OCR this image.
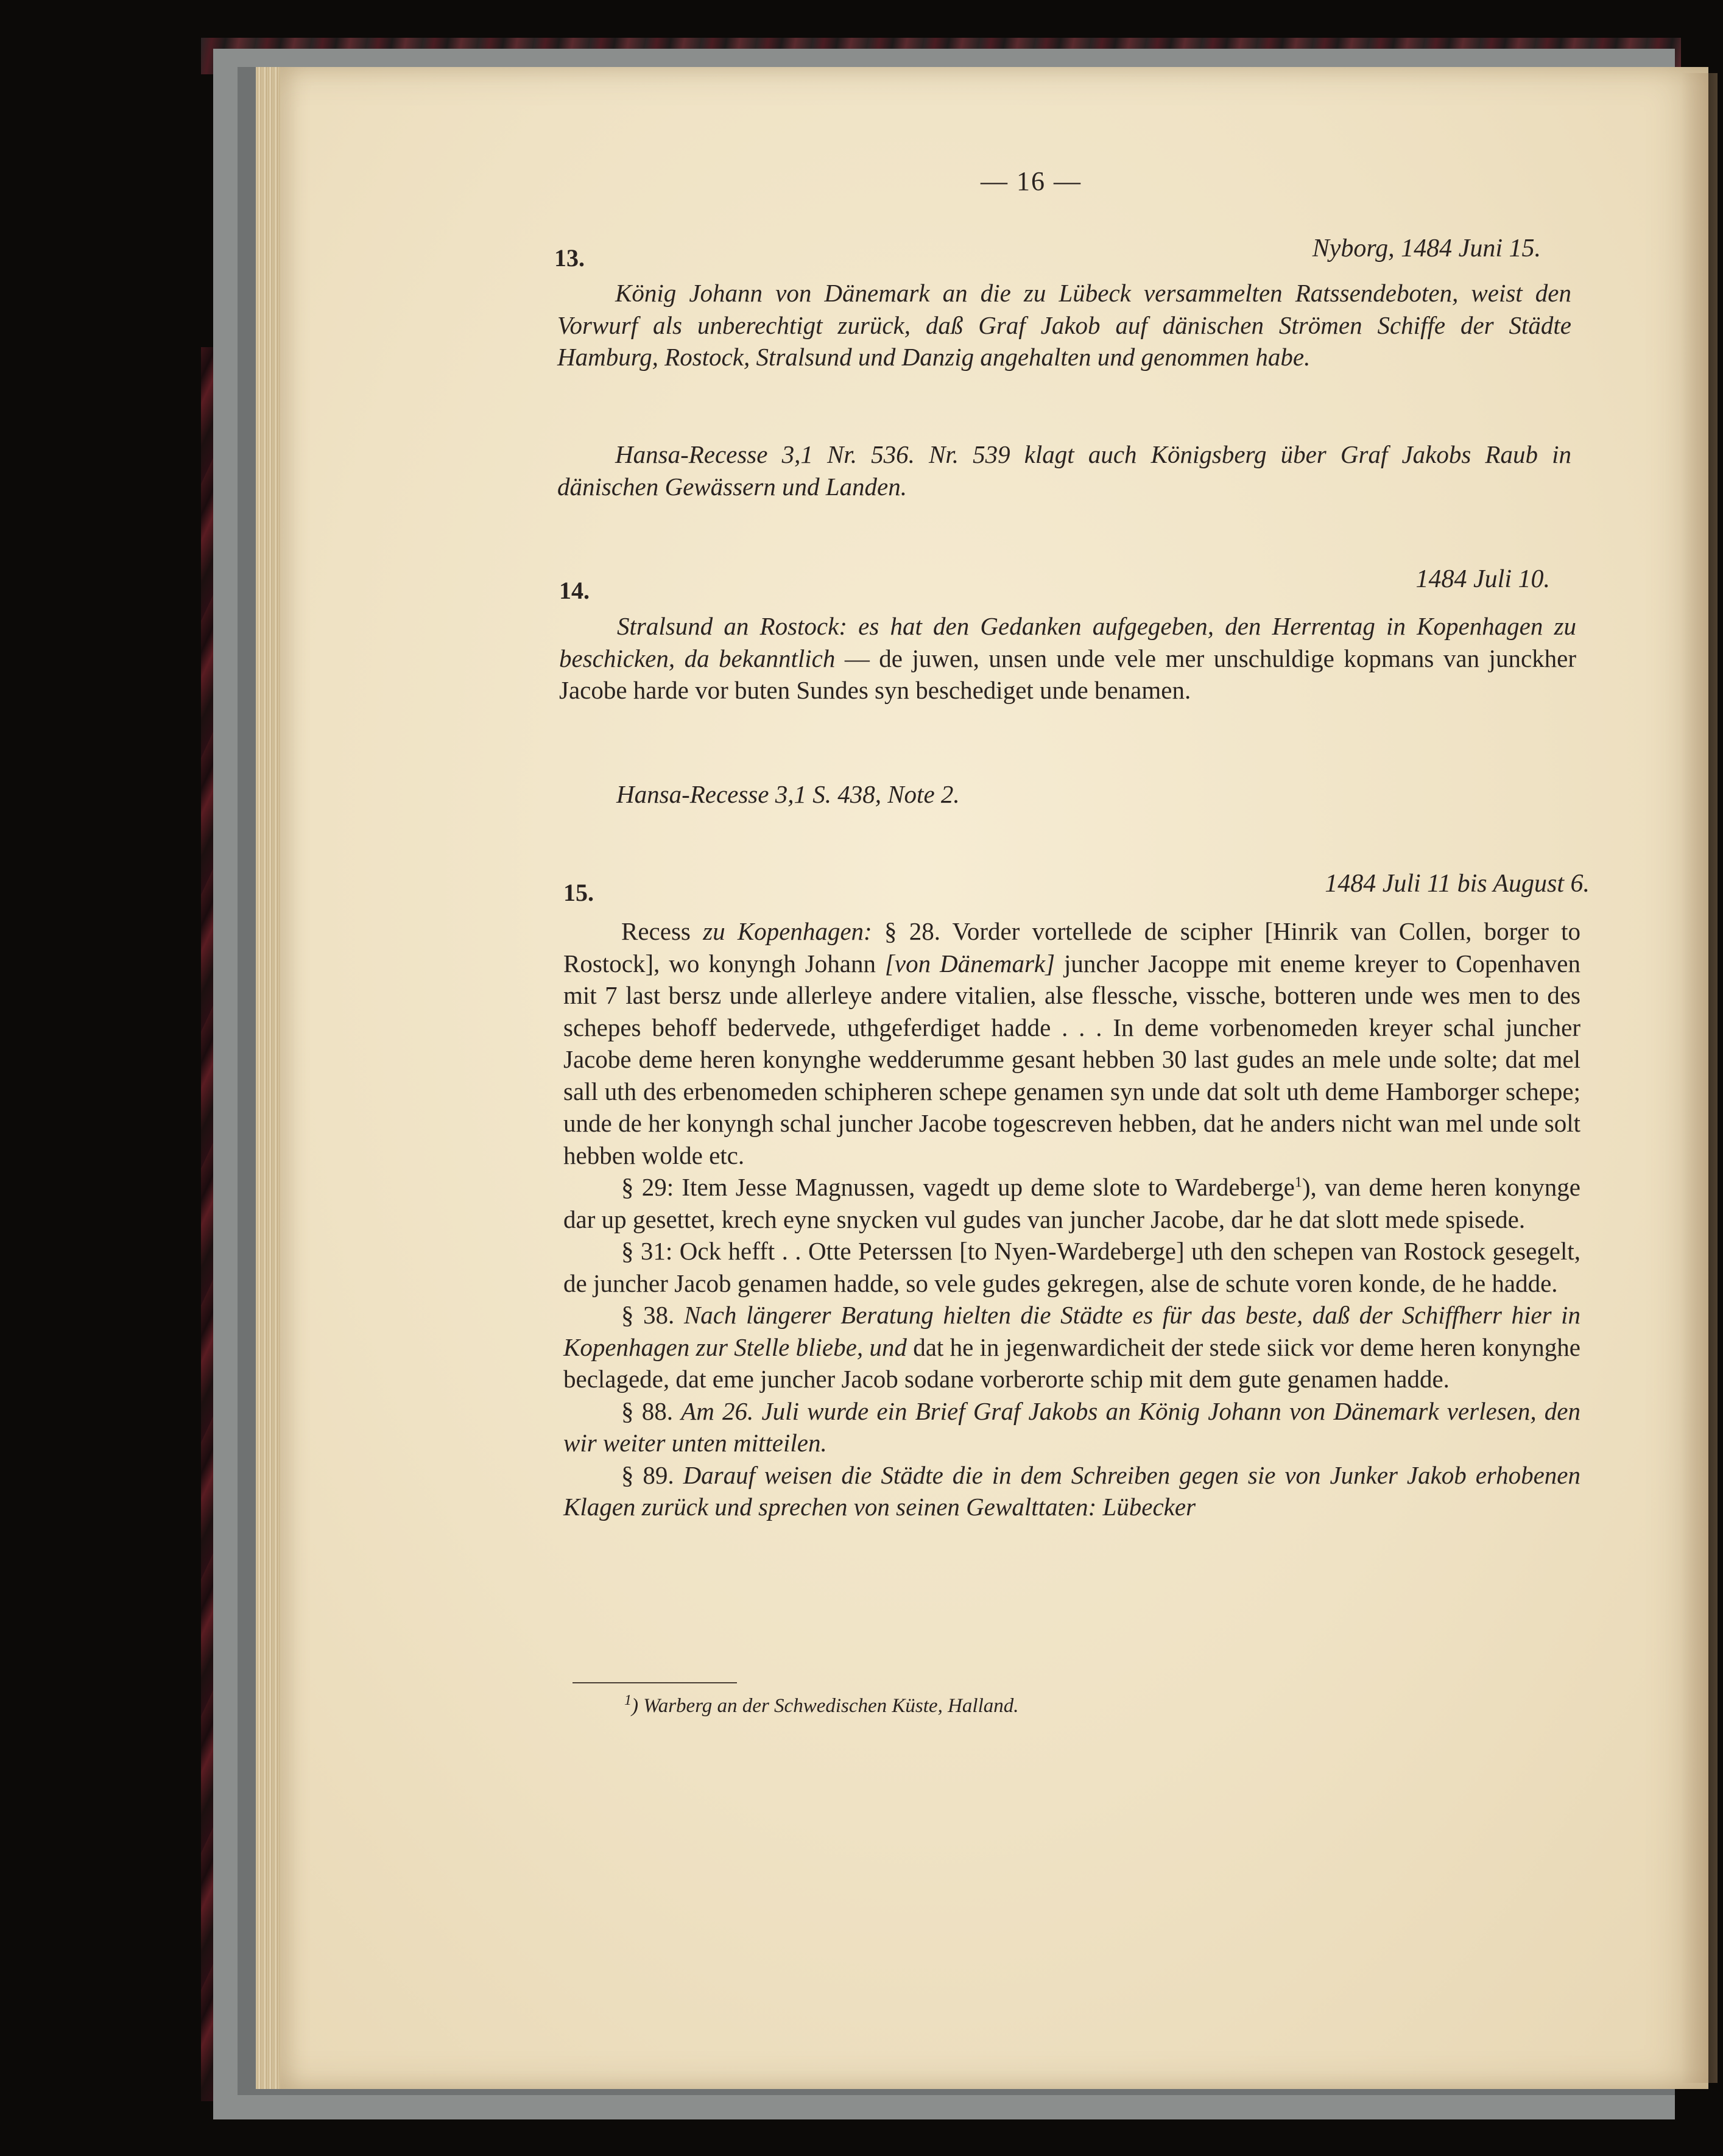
— 16 —
13.	Nyborg, 1484 Juni 15.
König Johann von Dänemark an die zu Lübeck versammelten Ratssendeboten, weist den Vorwurf als unberechtigt zurück, daß Graf Jakob auf dänischen Strömen Schiffe der Städte Hamburg, Rostock, Stralsund und Danzig angehalten und genommen habe.
Hansa-Recesse 3,1 Nr. 536. Nr. 539 klagt auch Königsberg über Graf Jakobs Raub in dänischen Gewässern und Landen.
14.	1484 Juli 10.
Stralsund an Rostock: es hat den Gedanken aufgegeben, den Herrentag in Kopenhagen zu beschicken, da bekanntlich — de juwen, unsen unde vele mer unschuldige kopmans van junckher Jacobe harde vor buten Sundes syn beschediget unde benamen.
Hansa-Recesse 3,1 S. 438, Note 2.
15.	1484 Juli 11 bis August 6.

Recess zu Kopenhagen: § 28. Vorder vortellede de scipher [Hinrik van Collen, borger to Rostock], wo konyngh Johann [von Dänemark] juncher Jacoppe mit eneme kreyer to Copenhaven mit 7 last bersz unde allerleye andere vitalien, alse flessche, vissche, botteren unde wes men to des schepes behoff bedervede, uthgeferdiget hadde . . . In deme vorbenomeden kreyer schal juncher Jacobe deme heren konynghe wedderumme gesant hebben 30 last gudes an mele unde solte; dat mel sall uth des erbenomeden schipheren schepe genamen syn unde dat solt uth deme Hamborger schepe; unde de her konyngh schal juncher Jacobe togescreven hebben, dat he anders nicht wan mel unde solt hebben wolde etc.

§ 29: Item Jesse Magnussen, vagedt up deme slote to Wardeberge$^1$), van deme heren konynge dar up gesettet, krech eyne snycken vul gudes van juncher Jacobe, dar he dat slott mede spisede.

§ 31: Ock hefft . . Otte Peterssen [to Nyen-Wardeberge] uth den schepen van Rostock gesegelt, de juncher Jacob genamen hadde, so vele gudes gekregen, alse de schute voren konde, de he hadde.

§ 38. Nach längerer Beratung hielten die Städte es für das beste, daß der Schiffherr hier in Kopenhagen zur Stelle bliebe, und dat he in jegenwardicheit der stede siick vor deme heren konynghe beclagede, dat eme juncher Jacob sodane vorberorte schip mit dem gute genamen hadde.

§ 88. Am 26. Juli wurde ein Brief Graf Jakobs an König Johann von Dänemark verlesen, den wir weiter unten mitteilen.

§ 89. Darauf weisen die Städte die in dem Schreiben gegen sie von Junker Jakob erhobenen Klagen zurück und sprechen von seinen Gewalttaten: Lübecker

$^1$) Warberg an der Schwedischen Küste, Halland.
